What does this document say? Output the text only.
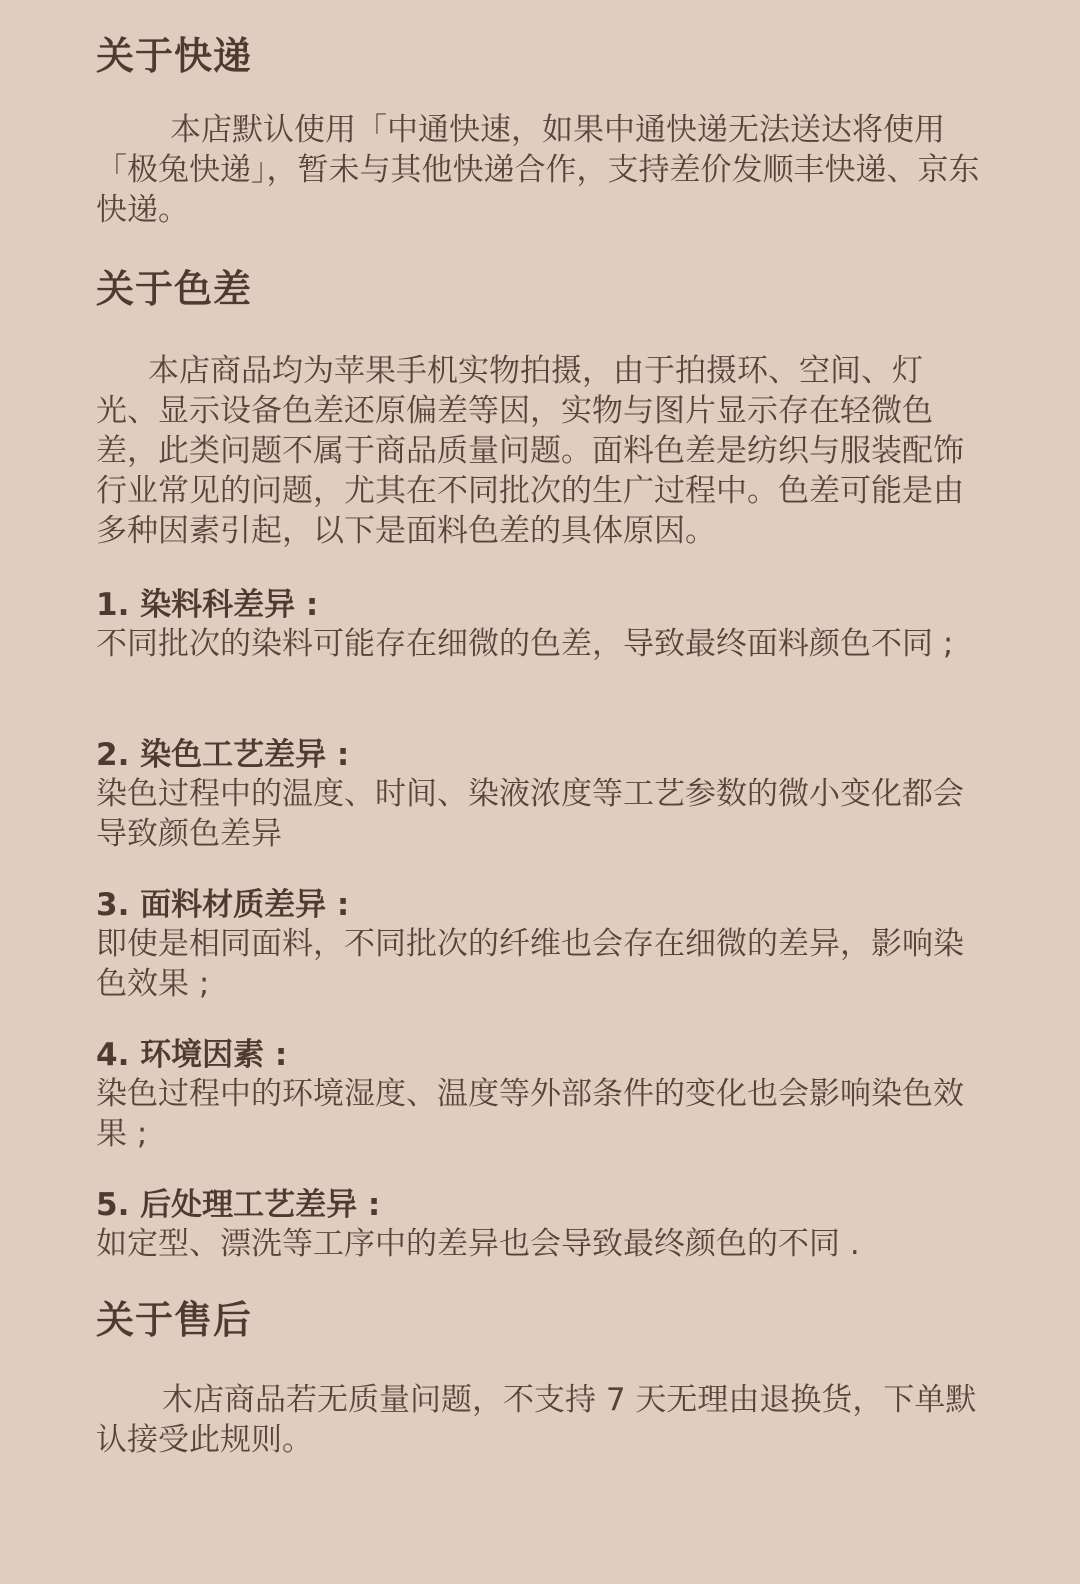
关于快递
本店默认使用「中通快速，如果中通快递无法送达将使用「极兔快递」，暂未与其他快递合作，支持差价发顺丰快递、京东快递。
关于色差
本店商品均为苹果手机实物拍摄，由于拍摄环、空间、灯光、显示设备色差还原偏差等因，实物与图片显示存在轻微色差，此类问题不属于商品质量问题。面料色差是纺织与服装配饰行业常见的问题，尤其在不同批次的生广过程中。色差可能是由多种因素引起，以下是面料色差的具体原因。
1. 染料科差异 :
不同批次的染料可能存在细微的色差，导致最终面料颜色不同 ;
2. 染色工艺差异 :
染色过程中的温度、时间、染液浓度等工艺参数的微小变化都会导致颜色差异
3. 面料材质差异 :
即使是相同面料，不同批次的纤维也会存在细微的差异，影响染色效果 ;
4. 环境因素 :
染色过程中的环境湿度、温度等外部条件的变化也会影响染色效果 ;
5. 后处理工艺差异 :
如定型、漂洗等工序中的差异也会导致最终颜色的不同 .
关于售后
木店商品若无质量问题，不支持 7 天无理由退换货，下单默认接受此规则。
